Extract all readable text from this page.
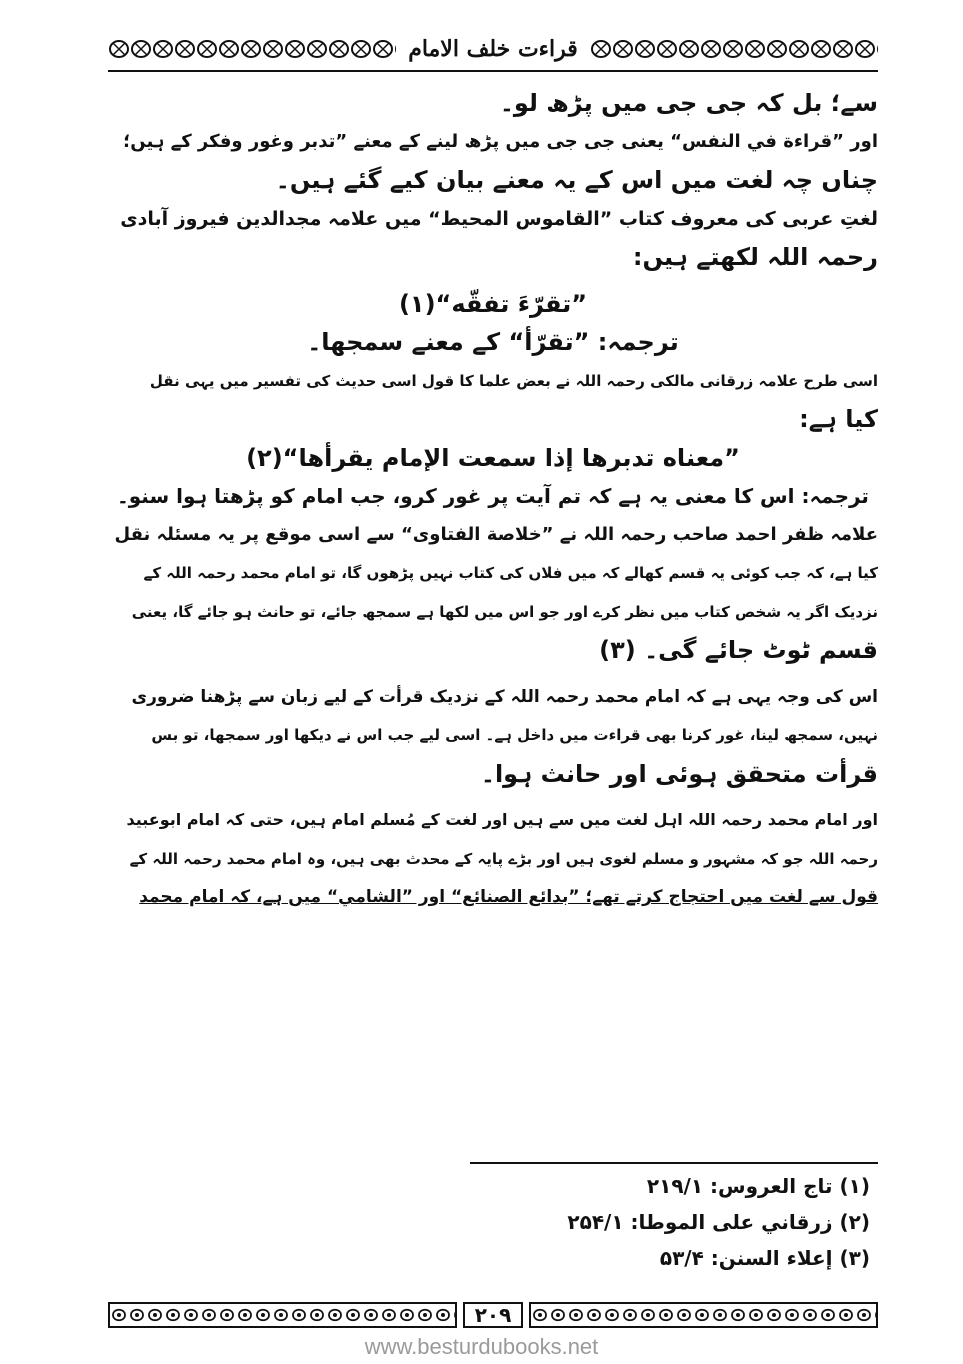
قراءت خلف الامام
سے؛ بل کہ جی جی میں پڑھ لو۔
اور ”قراءة في النفس“ یعنی جی جی میں پڑھ لینے کے معنے ”تدبر وغور وفکر کے ہیں؛
چناں چہ لغت میں اس کے یہ معنے بیان کیے گئے ہیں۔
لغتِ عربی کی معروف کتاب ”القاموس المحیط“ میں علامہ مجدالدین فیروز آبادی
رحمہ اللہ لکھتے ہیں:
”تقرّءَ تفقّه“(۱)
ترجمہ: ”تقرّأ“ کے معنے سمجھا۔
اسی طرح علامہ زرقانی مالکی رحمہ اللہ نے بعض علما کا قول اسی حدیث کی تفسیر میں یہی نقل
کیا ہے:
”معناه تدبرها إذا سمعت الإمام يقرأها“(۲)
ترجمہ: اس کا معنی یہ ہے کہ تم آیت پر غور کرو، جب امام کو پڑھتا ہوا سنو۔
علامہ ظفر احمد صاحب رحمہ اللہ نے ”خلاصة الفتاوی“ سے اسی موقع پر یہ مسئلہ نقل
کیا ہے، کہ جب کوئی یہ قسم کھالے کہ میں فلاں کی کتاب نہیں پڑھوں گا، تو امام محمد رحمہ اللہ کے
نزدیک اگر یہ شخص کتاب میں نظر کرے اور جو اس میں لکھا ہے سمجھ جائے، تو حانث ہو جائے گا، یعنی
قسم ٹوٹ جائے گی۔ (۳)
اس کی وجہ یہی ہے کہ امام محمد رحمہ اللہ کے نزدیک قرأت کے لیے زبان سے پڑھنا ضروری
نہیں، سمجھ لینا، غور کرنا بھی قراءت میں داخل ہے۔ اسی لیے جب اس نے دیکھا اور سمجھا، تو بس
قرأت متحقق ہوئی اور حانث ہوا۔
اور امام محمد رحمہ اللہ اہل لغت میں سے ہیں اور لغت کے مُسلم امام ہیں، حتی کہ امام ابوعبید
رحمہ اللہ جو کہ مشہور و مسلم لغوی ہیں اور بڑے پایہ کے محدث بھی ہیں، وہ امام محمد رحمہ اللہ کے
قول سے لغت میں احتجاج کرتے تھے؛ ”بدائع الصنائع“ اور ”الشامي“ میں ہے، کہ امام محمد
(۱) تاج العروس: ۲۱۹/۱
(۲) زرقاني على الموطا: ۲۵۴/۱
(۳) إعلاء السنن: ۵۳/۴
۲۰۹
www.besturdubooks.net
